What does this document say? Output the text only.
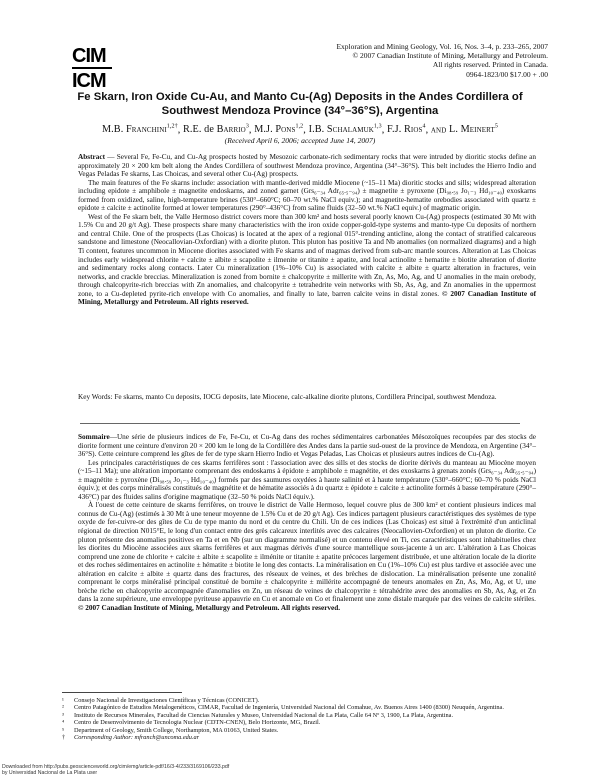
CIM
ICM
Exploration and Mining Geology, Vol. 16, Nos. 3–4, p. 233–265, 2007
© 2007 Canadian Institute of Mining, Metallurgy and Petroleum.
All rights reserved. Printed in Canada.
0964-1823/00 $17.00 + .00
Fe Skarn, Iron Oxide Cu-Au, and Manto Cu-(Ag) Deposits in the Andes Cordillera of Southwest Mendoza Province (34°–36°S), Argentina
M.B. Franchini$^{1,2\dagger}$, R.E. de Barrio$^3$, M.J. Pons$^{1,2}$, I.B. Schalamuk$^{1,3}$, F.J. Rios$^4$, and L. Meinert$^5$
(Received April 6, 2006; accepted June 14, 2007)

Abstract — Several Fe, Fe-Cu, and Cu-Ag prospects hosted by Mesozoic carbonate-rich sedimentary rocks that were intruded by dioritic stocks define an approximately 20 × 200 km belt along the Andes Cordillera of southwest Mendoza province, Argentina (34°–36°S). This belt includes the Hierro Indio and Vegas Peladas Fe skarns, Las Choicas, and several other Cu-(Ag) prospects.

The main features of the Fe skarns include: association with mantle-derived middle Miocene (~15–11 Ma) dioritic stocks and sills; widespread alteration including epidote ± amphibole ± magnetite endoskarns, and zoned garnet (Grs₆₋₃₄ Adr₆₅.₅₋₉₄) ± magnetite ± pyroxene (Di₉₈.₅₉ Jo₁₋₃ Hd₁₀₋₄₀) exoskarns formed from oxidized, saline, high-temperature brines (530°–660°C; 60–70 wt.% NaCl equiv.); and magnetite-hematite orebodies associated with quartz ± epidote ± calcite ± actinolite formed at lower temperatures (290°–436°C) from saline fluids (32–50 wt.% NaCl equiv.) of magmatic origin.

West of the Fe skarn belt, the Valle Hermoso district covers more than 300 km² and hosts several poorly known Cu-(Ag) prospects (estimated 30 Mt with 1.5% Cu and 20 g/t Ag). These prospects share many characteristics with the iron oxide copper-gold-type systems and manto-type Cu deposits of northern and central Chile. One of the prospects (Las Choicas) is located at the apex of a regional 015°-trending anticline, along the contact of stratified calcareous sandstone and limestone (Neocallovian-Oxfordian) with a diorite pluton. This pluton has positive Ta and Nb anomalies (on normalized diagrams) and a high Ti content, features uncommon in Miocene diorites associated with Fe skarns and of magmas derived from sub-arc mantle sources. Alteration at Las Choicas includes early widespread chlorite + calcite ± albite ± scapolite ± ilmenite or titanite ± apatite, and local actinolite ± hematite ± biotite alteration of diorite and sedimentary rocks along contacts. Later Cu mineralization (1%–10% Cu) is associated with calcite ± albite ± quartz alteration in fractures, vein networks, and crackle breccias. Mineralization is zoned from bornite ± chalcopyrite ± millerite with Zn, As, Mo, Ag, and U anomalies in the main orebody, through chalcopyrite-rich breccias with Zn anomalies, and chalcopyrite ± tetrahedrite vein networks with Sb, As, Ag, and Zn anomalies in the uppermost zone, to a Cu-depleted pyrite-rich envelope with Co anomalies, and finally to late, barren calcite veins in distal zones. © 2007 Canadian Institute of Mining, Metallurgy and Petroleum. All rights reserved.

Key Words: Fe skarns, manto Cu deposits, IOCG deposits, late Miocene, calc-alkaline diorite plutons, Cordillera Principal, southwest Mendoza.

Sommaire—Une série de plusieurs indices de Fe, Fe-Cu, et Cu-Ag dans des roches sédimentaires carbonatées Mésozoïques recoupées par des stocks de diorite forment une ceinture d'environ 20 × 200 km le long de la Cordillère des Andes dans la partie sud-ouest de la province de Mendoza, en Argentine (34°–36°S). Cette ceinture comprend les gîtes de fer de type skarn Hierro Indio et Vegas Peladas, Las Choicas et plusieurs autres indices de Cu-(Ag).

Les principales caractéristiques de ces skarns ferrifères sont : l'association avec des sills et des stocks de diorite dérivés du manteau au Miocène moyen (~15–11 Ma); une altération importante comprenant des endoskarns à épidote ± amphibole ± magnétite, et des exoskarns à grenats zonés (Grs₆₋₃₄ Adr₆₅.₅₋₉₄) ± magnétite ± pyroxène (Di₉₈.₅₉ Jo₁₋₃ Hd₁₀₋₄₀) formés par des saumures oxydées à haute salinité et à haute température (530°–660°C; 60–70 % poids NaCl équiv.); et des corps minéralisés constitués de magnétite et de hématite associés à du quartz ± épidote ± calcite ± actinolite formés à basse température (290°–436°C) par des fluides salins d'origine magmatique (32–50 % poids NaCl équiv.).

À l'ouest de cette ceinture de skarns ferrifères, on trouve le district de Valle Hermoso, lequel couvre plus de 300 km² et contient plusieurs indices mal connus de Cu-(Ag) (estimés à 30 Mt à une teneur moyenne de 1.5% Cu et de 20 g/t Ag). Ces indices partagent plusieurs caractéristiques des systèmes de type oxyde de fer-cuivre-or des gîtes de Cu de type manto du nord et du centre du Chili. Un de ces indices (Las Choicas) est situé à l'extrémité d'un anticlinal régional de direction N015°E, le long d'un contact entre des grès calcareux interlités avec des calcaires (Neocallovien-Oxfordien) et un pluton de diorite. Ce pluton présente des anomalies positives en Ta et en Nb (sur un diagramme normalisé) et un contenu élevé en Ti, ces caractéristiques sont inhabituelles chez les diorites du Miocène associées aux skarns ferrifères et aux magmas dérivés d'une source mantellique sous-jacente à un arc. L'altération à Las Choicas comprend une zone de chlorite + calcite ± albite ± scapolite ± ilménite or titanite ± apatite précoces largement distribuée, et une altération locale de la diorite et des roches sédimentaires en actinolite ± hématite ± biotite le long des contacts. La minéralisation en Cu (1%–10% Cu) est plus tardive et associée avec une altération en calcite ± albite ± quartz dans des fractures, des réseaux de veines, et des brèches de dislocation. La minéralisation présente une zonalité comprenant le corps minéralisé principal constitué de bornite ± chalcopyrite ± millérite accompagné de teneurs anomales en Zn, As, Mo, Ag, et U, une brèche riche en chalcopyrite accompagnée d'anomalies en Zn, un réseau de veines de chalcopyrite ± tétrahédrite avec des anomalies en Sb, As, Ag, et Zn dans la zone supérieure, une enveloppe pyriteuse appauvrie en Cu et anomale en Co et finalement une zone distale marquée par des veines de calcite stériles. © 2007 Canadian Institute of Mining, Metallurgy and Petroleum. All rights reserved.

¹	Consejo Nacional de Investigaciones Científicas y Técnicas (CONICET).
²	Centro Patagónico de Estudios Metalogenéticos, CIMAR, Facultad de Ingeniería, Universidad Nacional del Comahue, Av. Buenos Aires 1400 (8300) Neuquén, Argentina.
³	Instituto de Recursos Minerales, Facultad de Ciencias Naturales y Museo, Universidad Nacional de La Plata, Calle 64 Nº 3, 1900, La Plata, Argentina.
⁴	Centro de Desenvolvimento de Tecnologia Nuclear (CDTN-CNEN), Belo Horizonte, MG, Brazil.
⁵	Department of Geology, Smith College, Northampton, MA 01063, United States.
†	Corresponding Author: mfranch@uncoma.edu.ar
Downloaded from http://pubs.geoscienceworld.org/cim/emg/article-pdf/16/3-4/233/3169106/233.pdf
by Universidad Nacional de La Plata user
